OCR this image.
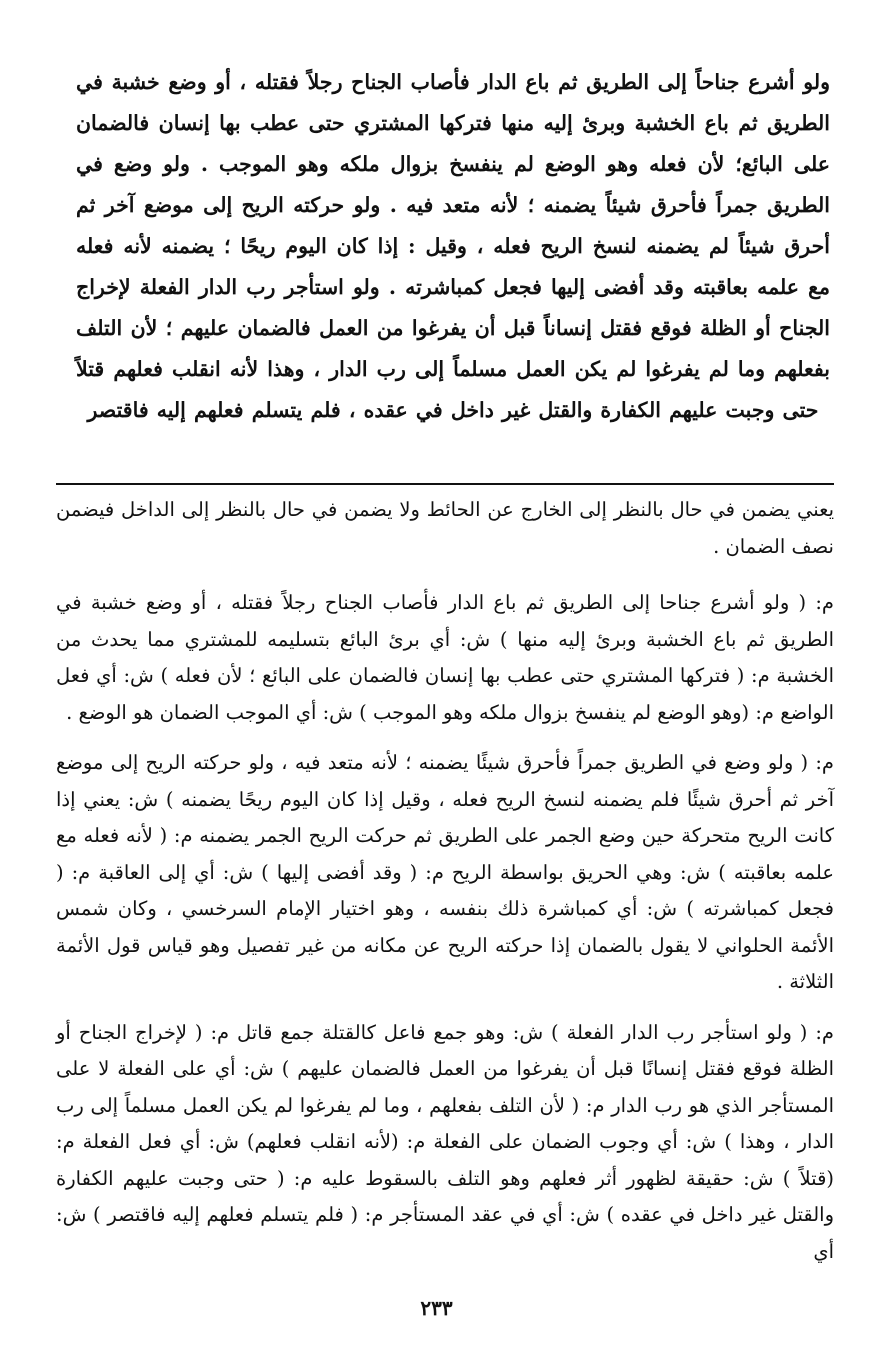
ولو أشرع جناحاً إلى الطريق ثم باع الدار فأصاب الجناح رجلاً فقتله ، أو وضع خشبة في الطريق ثم باع الخشبة وبرئ إليه منها فتركها المشتري حتى عطب بها إنسان فالضمان على البائع؛ لأن فعله وهو الوضع لم ينفسخ بزوال ملكه وهو الموجب . ولو وضع في الطريق جمراً فأحرق شيئاً يضمنه ؛ لأنه متعد فيه . ولو حركته الريح إلى موضع آخر ثم أحرق شيئاً لم يضمنه لنسخ الريح فعله ، وقيل : إذا كان اليوم ريحًا ؛ يضمنه لأنه فعله مع علمه بعاقبته وقد أفضى إليها فجعل كمباشرته . ولو استأجر رب الدار الفعلة لإخراج الجناح أو الظلة فوقع فقتل إنساناً قبل أن يفرغوا من العمل فالضمان عليهم ؛ لأن التلف بفعلهم وما لم يفرغوا لم يكن العمل مسلماً إلى رب الدار ، وهذا لأنه انقلب فعلهم قتلاً حتى وجبت عليهم الكفارة والقتل غير داخل في عقده ، فلم يتسلم فعلهم إليه فاقتصر

يعني يضمن في حال بالنظر إلى الخارج عن الحائط ولا يضمن في حال بالنظر إلى الداخل فيضمن نصف الضمان .

م: ( ولو أشرع جناحا إلى الطريق ثم باع الدار فأصاب الجناح رجلاً فقتله ، أو وضع خشبة في الطريق ثم باع الخشبة وبرئ إليه منها ) ش: أي برئ البائع بتسليمه للمشتري مما يحدث من الخشبة م: ( فتركها المشتري حتى عطب بها إنسان فالضمان على البائع ؛ لأن فعله ) ش: أي فعل الواضع م: (وهو الوضع لم ينفسخ بزوال ملكه وهو الموجب ) ش: أي الموجب الضمان هو الوضع .

م: ( ولو وضع في الطريق جمراً فأحرق شيئًا يضمنه ؛ لأنه متعد فيه ، ولو حركته الريح إلى موضع آخر ثم أحرق شيئًا فلم يضمنه لنسخ الريح فعله ، وقيل إذا كان اليوم ريحًا يضمنه ) ش: يعني إذا كانت الريح متحركة حين وضع الجمر على الطريق ثم حركت الريح الجمر يضمنه م: ( لأنه فعله مع علمه بعاقبته ) ش: وهي الحريق بواسطة الريح م: ( وقد أفضى إليها ) ش: أي إلى العاقبة م: ( فجعل كمباشرته ) ش: أي كمباشرة ذلك بنفسه ، وهو اختيار الإمام السرخسي ، وكان شمس الأئمة الحلواني لا يقول بالضمان إذا حركته الريح عن مكانه من غير تفصيل وهو قياس قول الأئمة الثلاثة .

م: ( ولو استأجر رب الدار الفعلة ) ش: وهو جمع فاعل كالقتلة جمع قاتل م: ( لإخراج الجناح أو الظلة فوقع فقتل إنسانًا قبل أن يفرغوا من العمل فالضمان عليهم ) ش: أي على الفعلة لا على المستأجر الذي هو رب الدار م: ( لأن التلف بفعلهم ، وما لم يفرغوا لم يكن العمل مسلماً إلى رب الدار ، وهذا ) ش: أي وجوب الضمان على الفعلة م: (لأنه انقلب فعلهم) ش: أي فعل الفعلة م: (قتلاً ) ش: حقيقة لظهور أثر فعلهم وهو التلف بالسقوط عليه م: ( حتى وجبت عليهم الكفارة والقتل غير داخل في عقده ) ش: أي في عقد المستأجر م: ( فلم يتسلم فعلهم إليه فاقتصر ) ش: أي

٢٣٣
